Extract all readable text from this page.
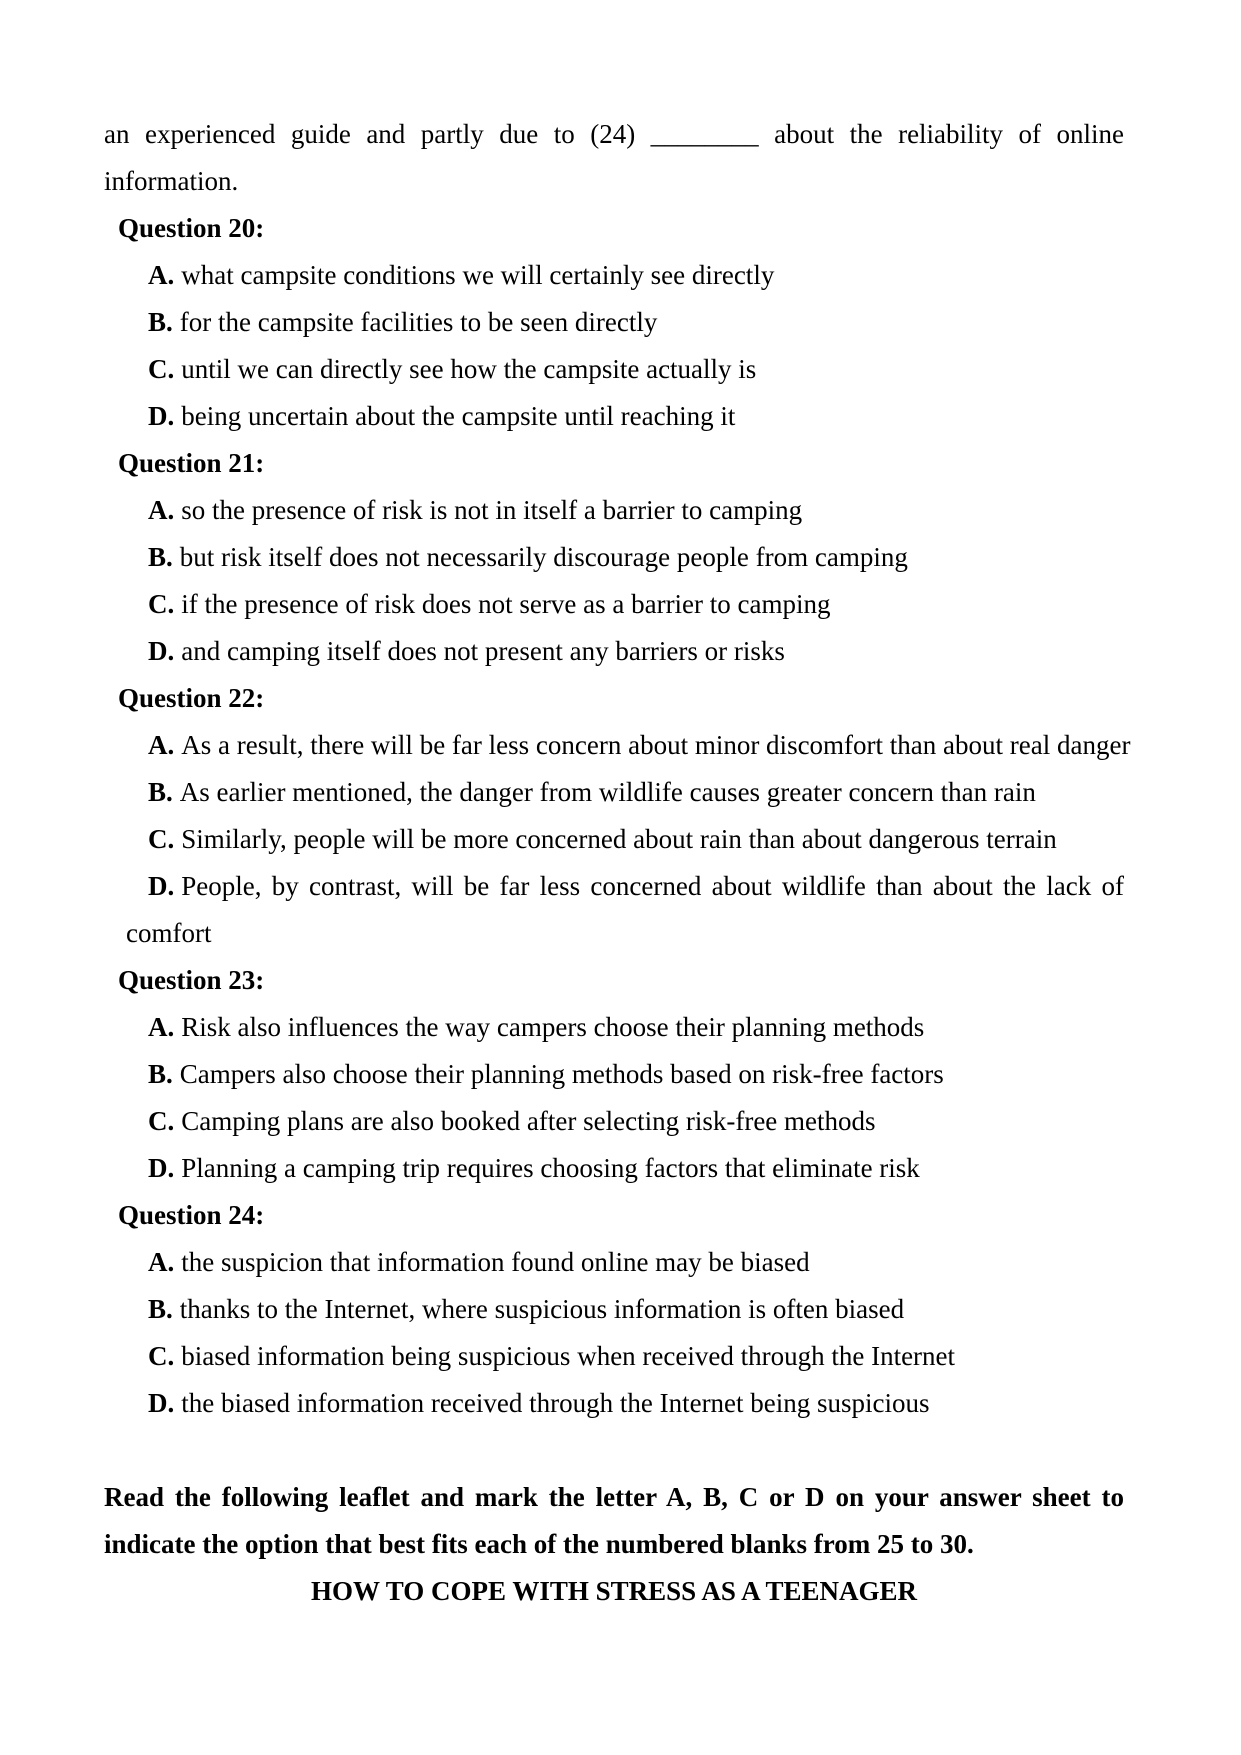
an experienced guide and partly due to (24) ________ about the reliability of online
information.
Question 20:
A. what campsite conditions we will certainly see directly
B. for the campsite facilities to be seen directly
C. until we can directly see how the campsite actually is
D. being uncertain about the campsite until reaching it
Question 21:
A. so the presence of risk is not in itself a barrier to camping
B. but risk itself does not necessarily discourage people from camping
C. if the presence of risk does not serve as a barrier to camping
D. and camping itself does not present any barriers or risks
Question 22:
A. As a result, there will be far less concern about minor discomfort than about real danger
B. As earlier mentioned, the danger from wildlife causes greater concern than rain
C. Similarly, people will be more concerned about rain than about dangerous terrain
D. People, by contrast, will be far less concerned about wildlife than about the lack of
comfort
Question 23:
A. Risk also influences the way campers choose their planning methods
B. Campers also choose their planning methods based on risk-free factors
C. Camping plans are also booked after selecting risk-free methods
D. Planning a camping trip requires choosing factors that eliminate risk
Question 24:
A. the suspicion that information found online may be biased
B. thanks to the Internet, where suspicious information is often biased
C. biased information being suspicious when received through the Internet
D. the biased information received through the Internet being suspicious
Read the following leaflet and mark the letter A, B, C or D on your answer sheet to
indicate the option that best fits each of the numbered blanks from 25 to 30.
HOW TO COPE WITH STRESS AS A TEENAGER
